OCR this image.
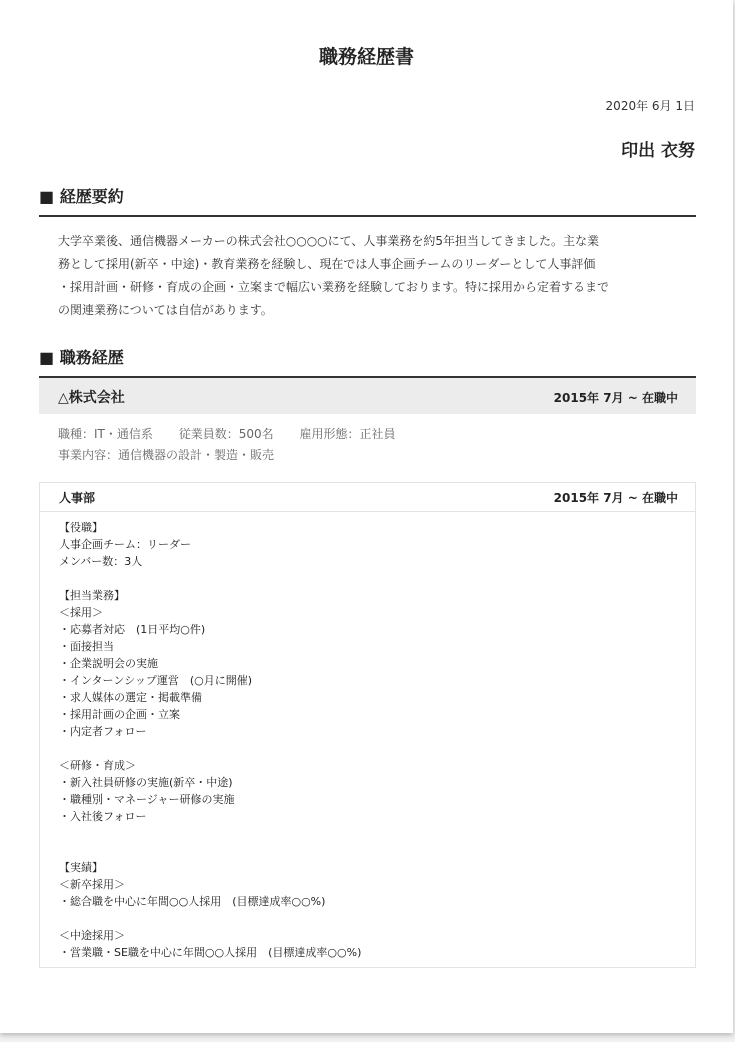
職務経歴書
2020年 6月 1日
印出 衣努
■ 経歴要約
大学卒業後、通信機器メーカーの株式会社○○○○にて、人事業務を約5年担当してきました。主な業
務として採用(新卒・中途)・教育業務を経験し、現在では人事企画チームのリーダーとして人事評価
・採用計画・研修・育成の企画・立案まで幅広い業務を経験しております。特に採用から定着するまで
の関連業務については自信があります。
■ 職務経歴
△株式会社	2015年 7月 ~ 在職中
職種：IT・通信系 従業員数：500名 雇用形態：正社員
事業内容：通信機器の設計・製造・販売
人事部	2015年 7月 ~ 在職中
【役職】
人事企画チーム：リーダー
メンバー数：3人
【担当業務】
＜採用＞
・応募者対応　(1日平均○件)
・面接担当
・企業説明会の実施
・インターンシップ運営　(○月に開催)
・求人媒体の選定・掲載準備
・採用計画の企画・立案
・内定者フォロー
＜研修・育成＞
・新入社員研修の実施(新卒・中途)
・職種別・マネージャー研修の実施
・入社後フォロー
【実績】
＜新卒採用＞
・総合職を中心に年間○○人採用　(目標達成率○○%)
＜中途採用＞
・営業職・SE職を中心に年間○○人採用　(目標達成率○○%)
